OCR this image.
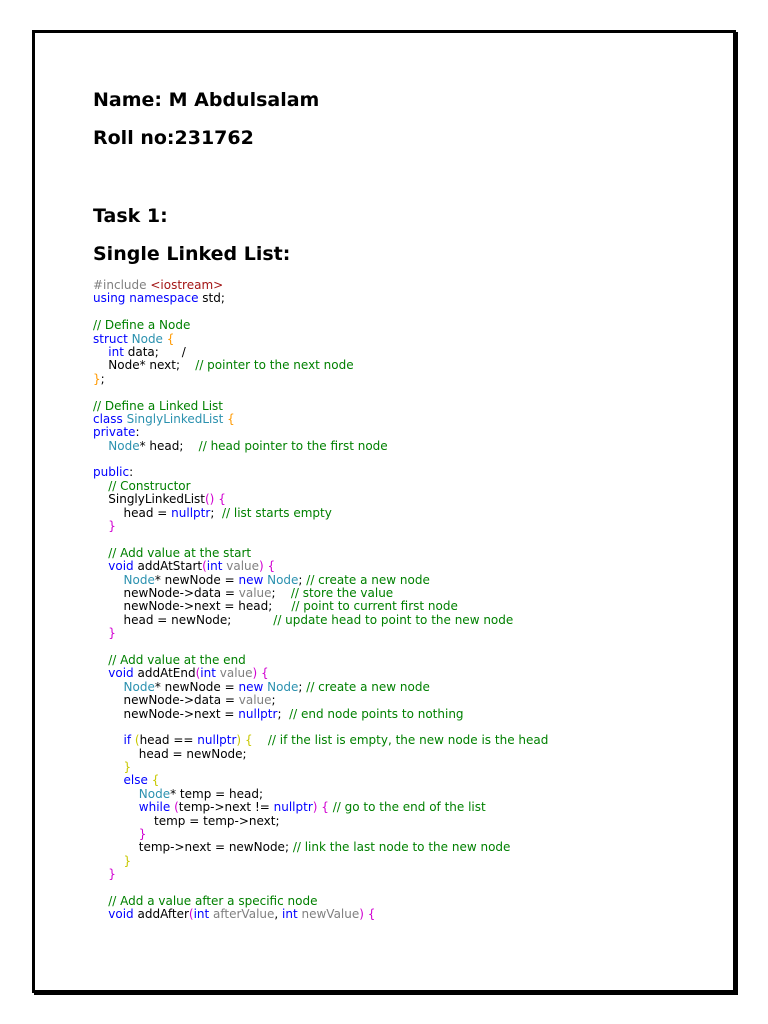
Name: M Abdulsalam
Roll no:231762
Task 1:
Single Linked List:
#include <iostream>
using namespace std;
// Define a Node
struct Node {
int data;      /
Node* next;    // pointer to the next node
};
// Define a Linked List
class SinglyLinkedList {
private:
Node* head;    // head pointer to the first node
public:
// Constructor
SinglyLinkedList() {
head = nullptr;  // list starts empty
}
// Add value at the start
void addAtStart(int value) {
Node* newNode = new Node; // create a new node
newNode->data = value;    // store the value
newNode->next = head;     // point to current first node
head = newNode;           // update head to point to the new node
}
// Add value at the end
void addAtEnd(int value) {
Node* newNode = new Node; // create a new node
newNode->data = value;
newNode->next = nullptr;  // end node points to nothing
if (head == nullptr) { // if the list is empty, the new node is the head
head = newNode;
}
else {
Node* temp = head;
while (temp->next != nullptr) { // go to the end of the list
temp = temp->next;
}
temp->next = newNode; // link the last node to the new node
}
}
// Add a value after a specific node
void addAfter(int afterValue, int newValue) {
